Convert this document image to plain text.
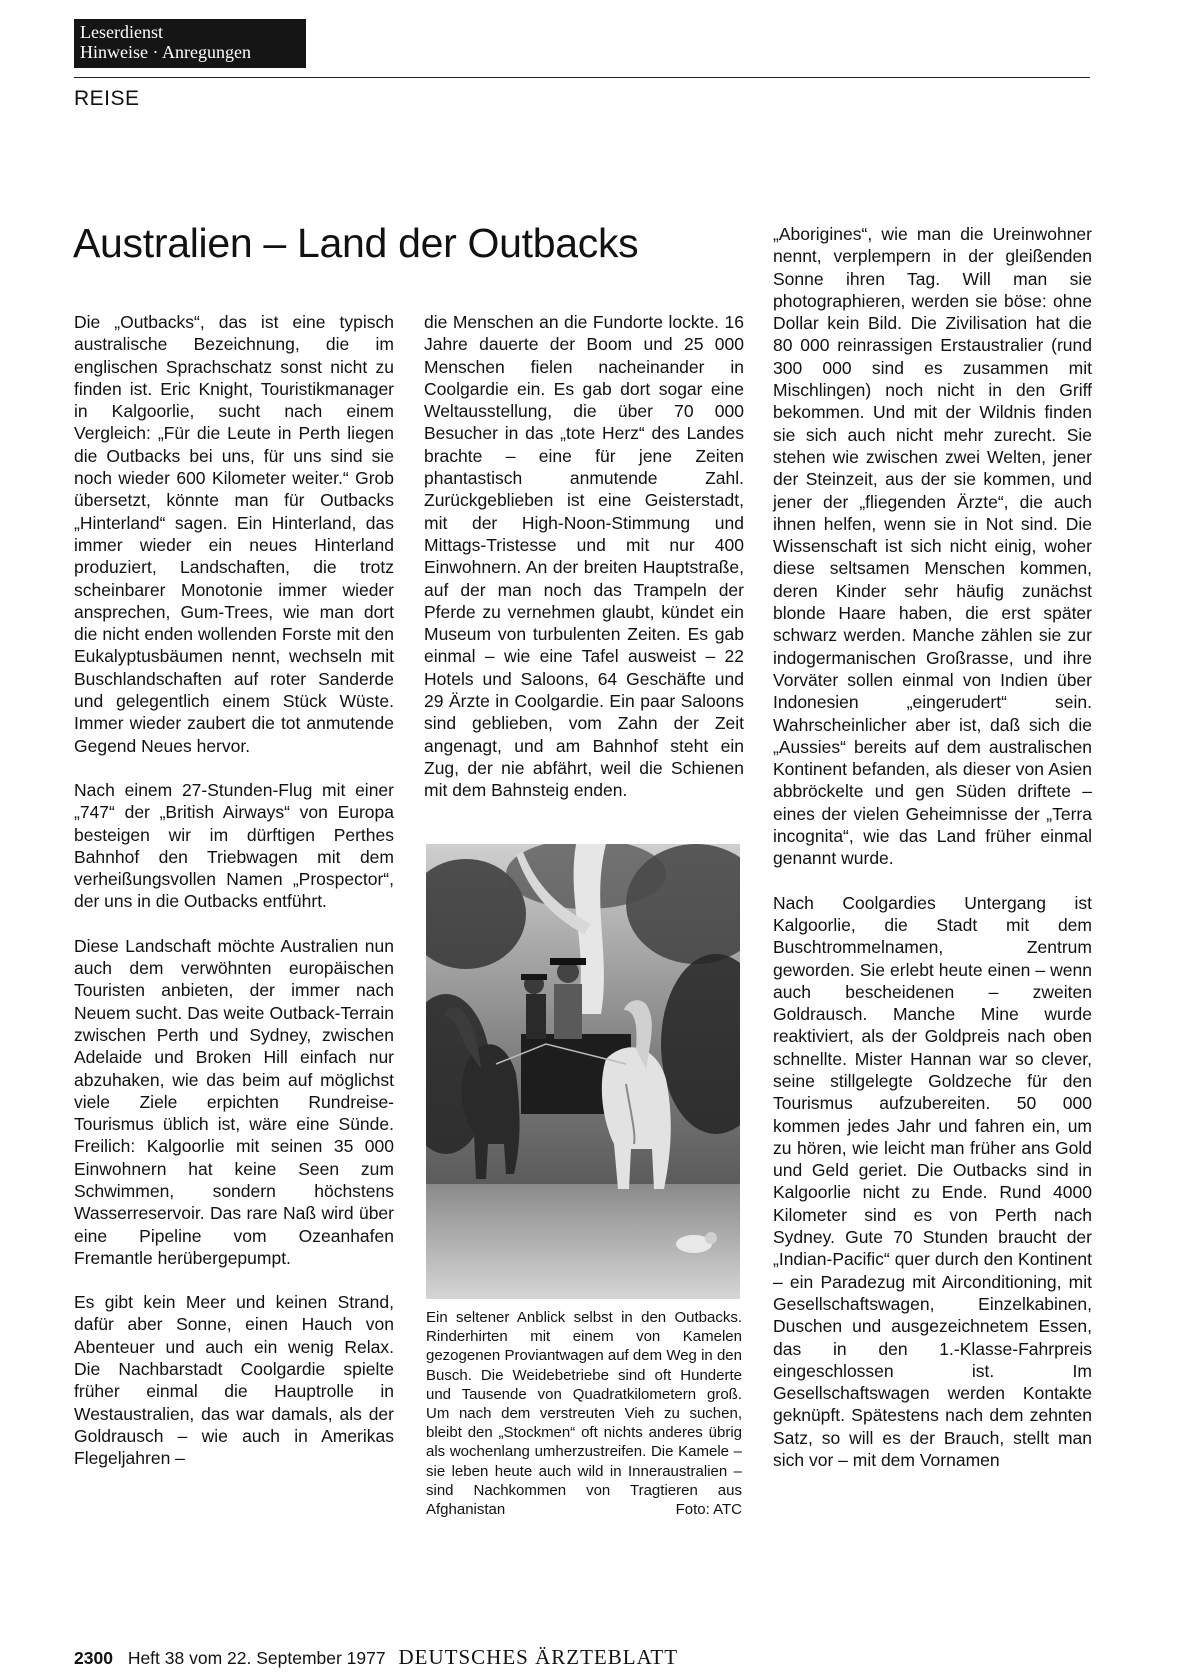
Leserdienst
Hinweise · Anregungen
REISE
Australien – Land der Outbacks

Die „Outbacks“, das ist eine typisch australische Bezeichnung, die im englischen Sprachschatz sonst nicht zu finden ist. Eric Knight, Touristikmanager in Kalgoorlie, sucht nach einem Vergleich: „Für die Leute in Perth liegen die Outbacks bei uns, für uns sind sie noch wieder 600 Kilometer weiter.“ Grob übersetzt, könnte man für Outbacks „Hinterland“ sagen. Ein Hinterland, das immer wieder ein neues Hinterland produziert, Landschaften, die trotz scheinbarer Monotonie immer wieder ansprechen, Gum-Trees, wie man dort die nicht enden wollenden Forste mit den Eukalyptusbäumen nennt, wechseln mit Buschlandschaften auf roter Sanderde und gelegentlich einem Stück Wüste. Immer wieder zaubert die tot anmutende Gegend Neues hervor.

Nach einem 27-Stunden-Flug mit einer „747“ der „British Airways“ von Europa besteigen wir im dürftigen Perthes Bahnhof den Triebwagen mit dem verheißungsvollen Namen „Prospector“, der uns in die Outbacks entführt.

Diese Landschaft möchte Australien nun auch dem verwöhnten europäischen Touristen anbieten, der immer nach Neuem sucht. Das weite Outback-Terrain zwischen Perth und Sydney, zwischen Adelaide und Broken Hill einfach nur abzuhaken, wie das beim auf möglichst viele Ziele erpichten Rundreise-Tourismus üblich ist, wäre eine Sünde. Freilich: Kalgoorlie mit seinen 35 000 Einwohnern hat keine Seen zum Schwimmen, sondern höchstens Wasserreservoir. Das rare Naß wird über eine Pipeline vom Ozeanhafen Fremantle herübergepumpt.

Es gibt kein Meer und keinen Strand, dafür aber Sonne, einen Hauch von Abenteuer und auch ein wenig Relax. Die Nachbarstadt Coolgardie spielte früher einmal die Hauptrolle in Westaustralien, das war damals, als der Goldrausch – wie auch in Amerikas Flegeljahren –

die Menschen an die Fundorte lockte. 16 Jahre dauerte der Boom und 25 000 Menschen fielen nacheinander in Coolgardie ein. Es gab dort sogar eine Weltausstellung, die über 70 000 Besucher in das „tote Herz“ des Landes brachte – eine für jene Zeiten phantastisch anmutende Zahl. Zurückgeblieben ist eine Geisterstadt, mit der High-Noon-Stimmung und Mittags-Tristesse und mit nur 400 Einwohnern. An der breiten Hauptstraße, auf der man noch das Trampeln der Pferde zu vernehmen glaubt, kündet ein Museum von turbulenten Zeiten. Es gab einmal – wie eine Tafel ausweist – 22 Hotels und Saloons, 64 Geschäfte und 29 Ärzte in Coolgardie. Ein paar Saloons sind geblieben, vom Zahn der Zeit angenagt, und am Bahnhof steht ein Zug, der nie abfährt, weil die Schienen mit dem Bahnsteig enden.

Ein seltener Anblick selbst in den Outbacks. Rinderhirten mit einem von Kamelen gezogenen Proviantwagen auf dem Weg in den Busch. Die Weidebetriebe sind oft Hunderte und Tausende von Quadratkilometern groß. Um nach dem verstreuten Vieh zu suchen, bleibt den „Stockmen“ oft nichts anderes übrig als wochenlang umherzustreifen. Die Kamele – sie leben heute auch wild in Inneraustralien – sind Nachkommen von Tragtieren aus Afghanistan	Foto: ATC

„Aborigines“, wie man die Ureinwohner nennt, verplempern in der gleißenden Sonne ihren Tag. Will man sie photographieren, werden sie böse: ohne Dollar kein Bild. Die Zivilisation hat die 80 000 reinrassigen Erstaustralier (rund 300 000 sind es zusammen mit Mischlingen) noch nicht in den Griff bekommen. Und mit der Wildnis finden sie sich auch nicht mehr zurecht. Sie stehen wie zwischen zwei Welten, jener der Steinzeit, aus der sie kommen, und jener der „fliegenden Ärzte“, die auch ihnen helfen, wenn sie in Not sind. Die Wissenschaft ist sich nicht einig, woher diese seltsamen Menschen kommen, deren Kinder sehr häufig zunächst blonde Haare haben, die erst später schwarz werden. Manche zählen sie zur indogermanischen Großrasse, und ihre Vorväter sollen einmal von Indien über Indonesien „eingerudert“ sein. Wahrscheinlicher aber ist, daß sich die „Aussies“ bereits auf dem australischen Kontinent befanden, als dieser von Asien abbröckelte und gen Süden driftete – eines der vielen Geheimnisse der „Terra incognita“, wie das Land früher einmal genannt wurde.

Nach Coolgardies Untergang ist Kalgoorlie, die Stadt mit dem Buschtrommelnamen, Zentrum geworden. Sie erlebt heute einen – wenn auch bescheidenen – zweiten Goldrausch. Manche Mine wurde reaktiviert, als der Goldpreis nach oben schnellte. Mister Hannan war so clever, seine stillgelegte Goldzeche für den Tourismus aufzubereiten. 50 000 kommen jedes Jahr und fahren ein, um zu hören, wie leicht man früher ans Gold und Geld geriet. Die Outbacks sind in Kalgoorlie nicht zu Ende. Rund 4000 Kilometer sind es von Perth nach Sydney. Gute 70 Stunden braucht der „Indian-Pacific“ quer durch den Kontinent – ein Paradezug mit Airconditioning, mit Gesellschaftswagen, Einzelkabinen, Duschen und ausgezeichnetem Essen, das in den 1.-Klasse-Fahrpreis eingeschlossen ist. Im Gesellschaftswagen werden Kontakte geknüpft. Spätestens nach dem zehnten Satz, so will es der Brauch, stellt man sich vor – mit dem Vornamen

2300 Heft 38 vom 22. September 1977 DEUTSCHES ÄRZTEBLATT
